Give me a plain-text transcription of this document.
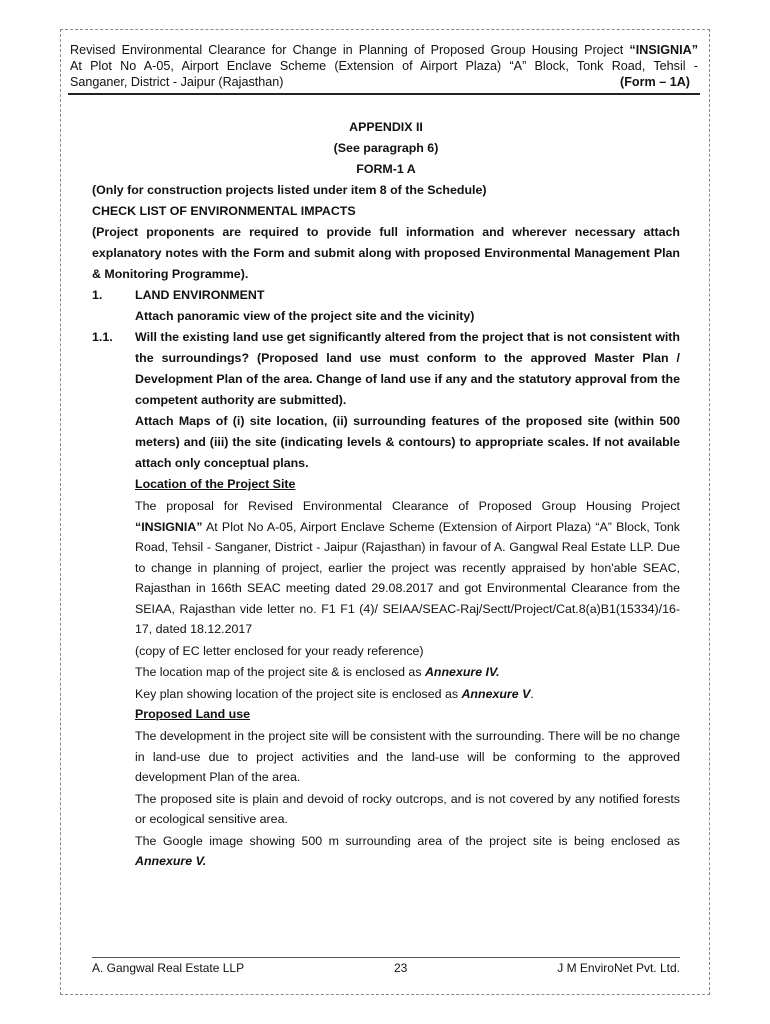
Revised Environmental Clearance for Change in Planning of Proposed Group Housing Project “INSIGNIA”
At Plot No A-05, Airport Enclave Scheme (Extension of Airport Plaza) “A” Block, Tonk Road, Tehsil -
Sanganer, District - Jaipur (Rajasthan)	(Form – 1A)
APPENDIX II
(See paragraph 6)
FORM-1 A
(Only for construction projects listed under item 8 of the Schedule)
CHECK LIST OF ENVIRONMENTAL IMPACTS
(Project proponents are required to provide full information and wherever necessary attach explanatory notes with the Form and submit along with proposed Environmental Management Plan & Monitoring Programme).
1.	LAND ENVIRONMENT
Attach panoramic view of the project site and the vicinity)
1.1.	Will the existing land use get significantly altered from the project that is not consistent with the surroundings? (Proposed land use must conform to the approved Master Plan / Development Plan of the area. Change of land use if any and the statutory approval from the competent authority are submitted).
Attach Maps of (i) site location, (ii) surrounding features of the proposed site (within 500 meters) and (iii) the site (indicating levels & contours) to appropriate scales. If not available attach only conceptual plans.
Location of the Project Site
The proposal for Revised Environmental Clearance of Proposed Group Housing Project “INSIGNIA” At Plot No A-05, Airport Enclave Scheme (Extension of Airport Plaza) “A” Block, Tonk Road, Tehsil - Sanganer, District - Jaipur (Rajasthan) in favour of A. Gangwal Real Estate LLP. Due to change in planning of project, earlier the project was recently appraised by hon'able SEAC, Rajasthan in 166th SEAC meeting dated 29.08.2017 and got Environmental Clearance from the SEIAA, Rajasthan vide letter no. F1 F1 (4)/ SEIAA/SEAC-Raj/Sectt/Project/Cat.8(a)B1(15334)/16-17, dated 18.12.2017
(copy of EC letter enclosed for your ready reference)
The location map of the project site & is enclosed as Annexure IV.
Key plan showing location of the project site is enclosed as Annexure V.
Proposed Land use
The development in the project site will be consistent with the surrounding. There will be no change in land-use due to project activities and the land-use will be conforming to the approved development Plan of the area.
The proposed site is plain and devoid of rocky outcrops, and is not covered by any notified forests or ecological sensitive area.
The Google image showing 500 m surrounding area of the project site is being enclosed as Annexure V.
A. Gangwal Real Estate LLP	23	J M EnviroNet Pvt. Ltd.
